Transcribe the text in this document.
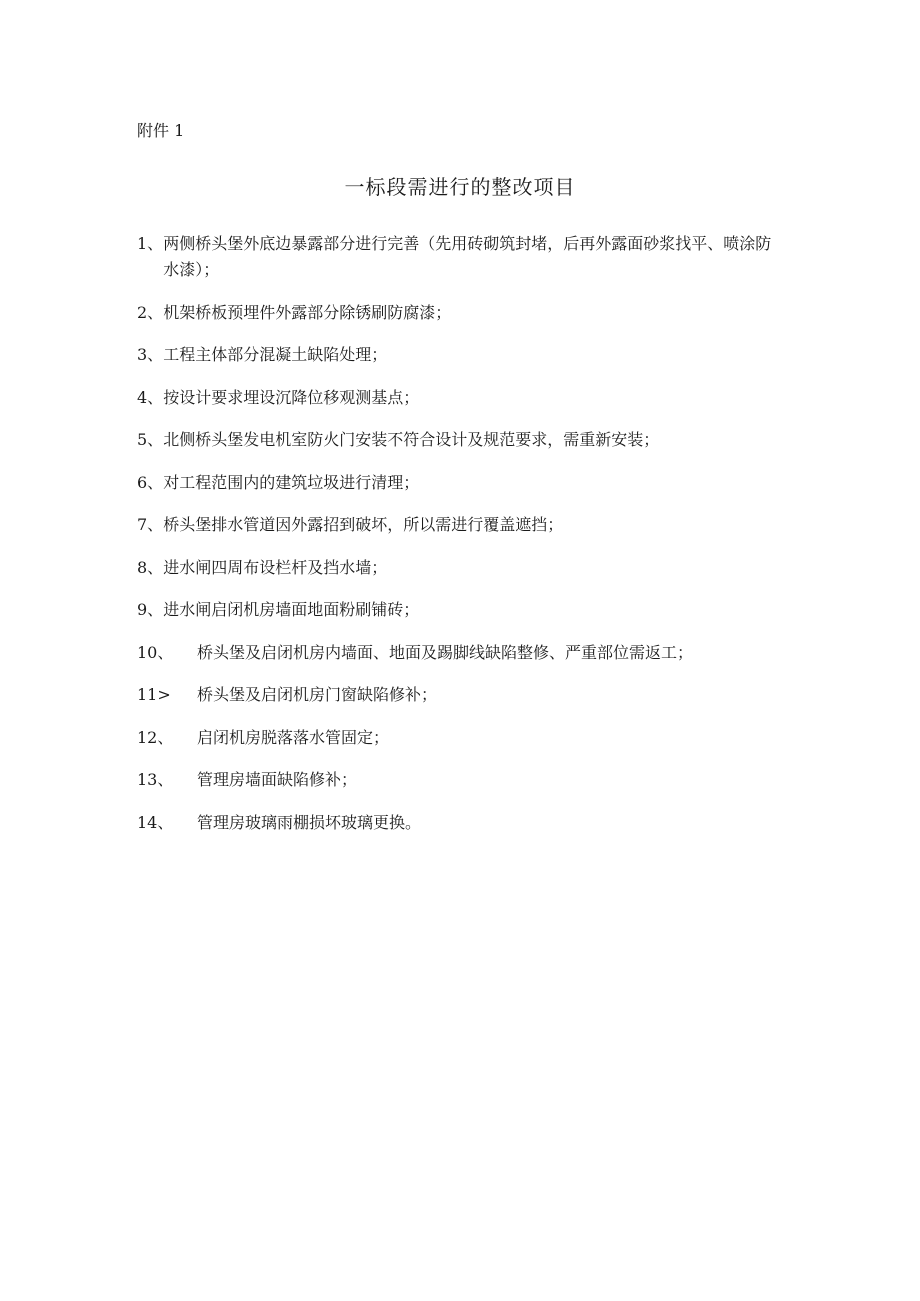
附件 1
一标段需进行的整改项目
1、 两侧桥头堡外底边暴露部分进行完善（先用砖砌筑封堵，后再外露面砂浆找平、喷涂防水漆）；
2、 机架桥板预埋件外露部分除锈刷防腐漆；
3、 工程主体部分混凝土缺陷处理；
4、 按设计要求埋设沉降位移观测基点；
5、 北侧桥头堡发电机室防火门安装不符合设计及规范要求，需重新安装；
6、 对工程范围内的建筑垃圾进行清理；
7、 桥头堡排水管道因外露招到破坏，所以需进行覆盖遮挡；
8、 进水闸四周布设栏杆及挡水墙；
9、 进水闸启闭机房墙面地面粉刷铺砖；
10、	桥头堡及启闭机房内墙面、地面及踢脚线缺陷整修、严重部位需返工；
11>	桥头堡及启闭机房门窗缺陷修补；
12、	启闭机房脱落落水管固定；
13、	管理房墙面缺陷修补；
14、	管理房玻璃雨棚损坏玻璃更换。
